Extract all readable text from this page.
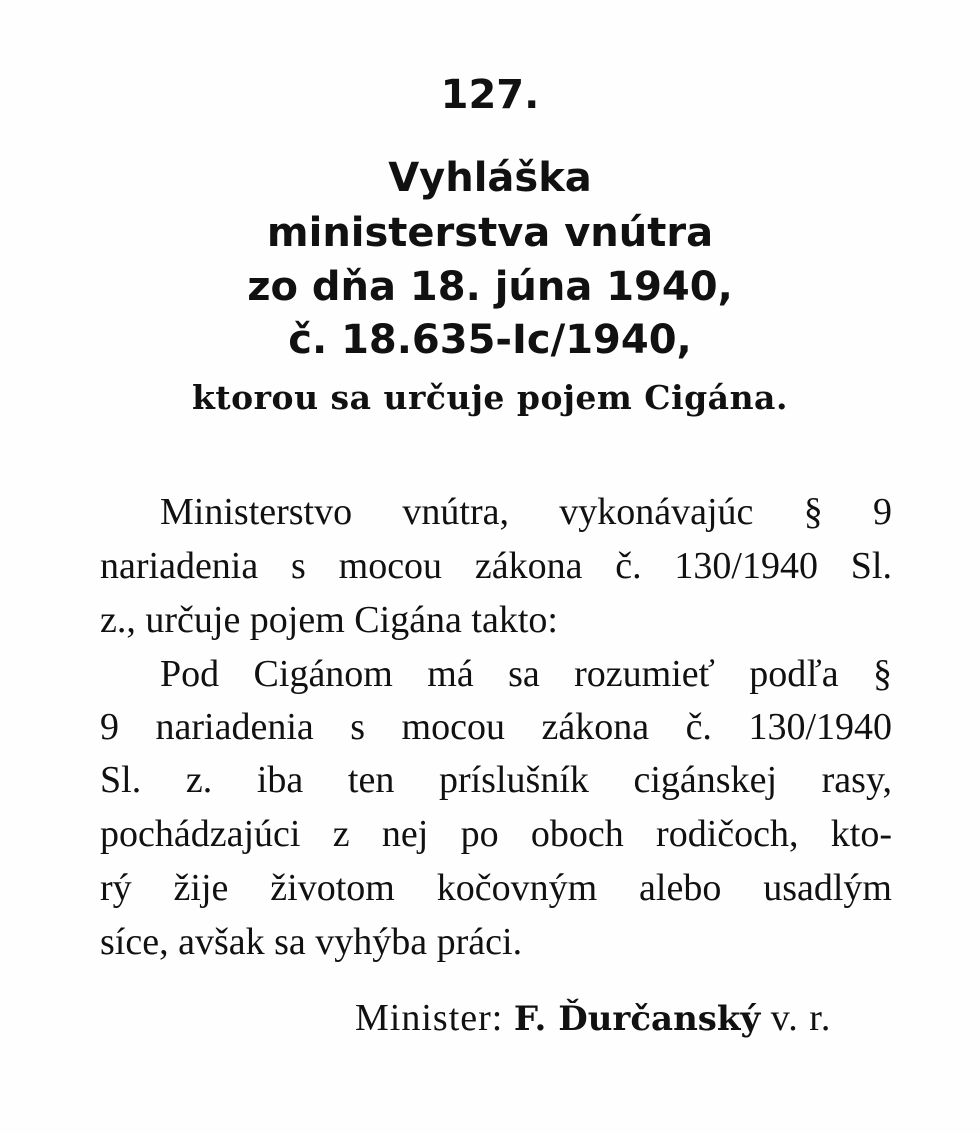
127.
Vyhláška
ministerstva vnútra
zo dňa 18. júna 1940,
č. 18.635-Ic/1940,
ktorou sa určuje pojem Cigána.
Ministerstvo vnútra, vykonávajúc § 9
nariadenia s mocou zákona č. 130/1940 Sl.
z., určuje pojem Cigána takto:
Pod Cigánom má sa rozumieť podľa §
9 nariadenia s mocou zákona č. 130/1940
Sl. z. iba ten príslušník cigánskej rasy,
pochádzajúci z nej po oboch rodičoch, kto-
rý žije životom kočovným alebo usadlým
síce, avšak sa vyhýba práci.
Minister: F. Ďurčanský v. r.
